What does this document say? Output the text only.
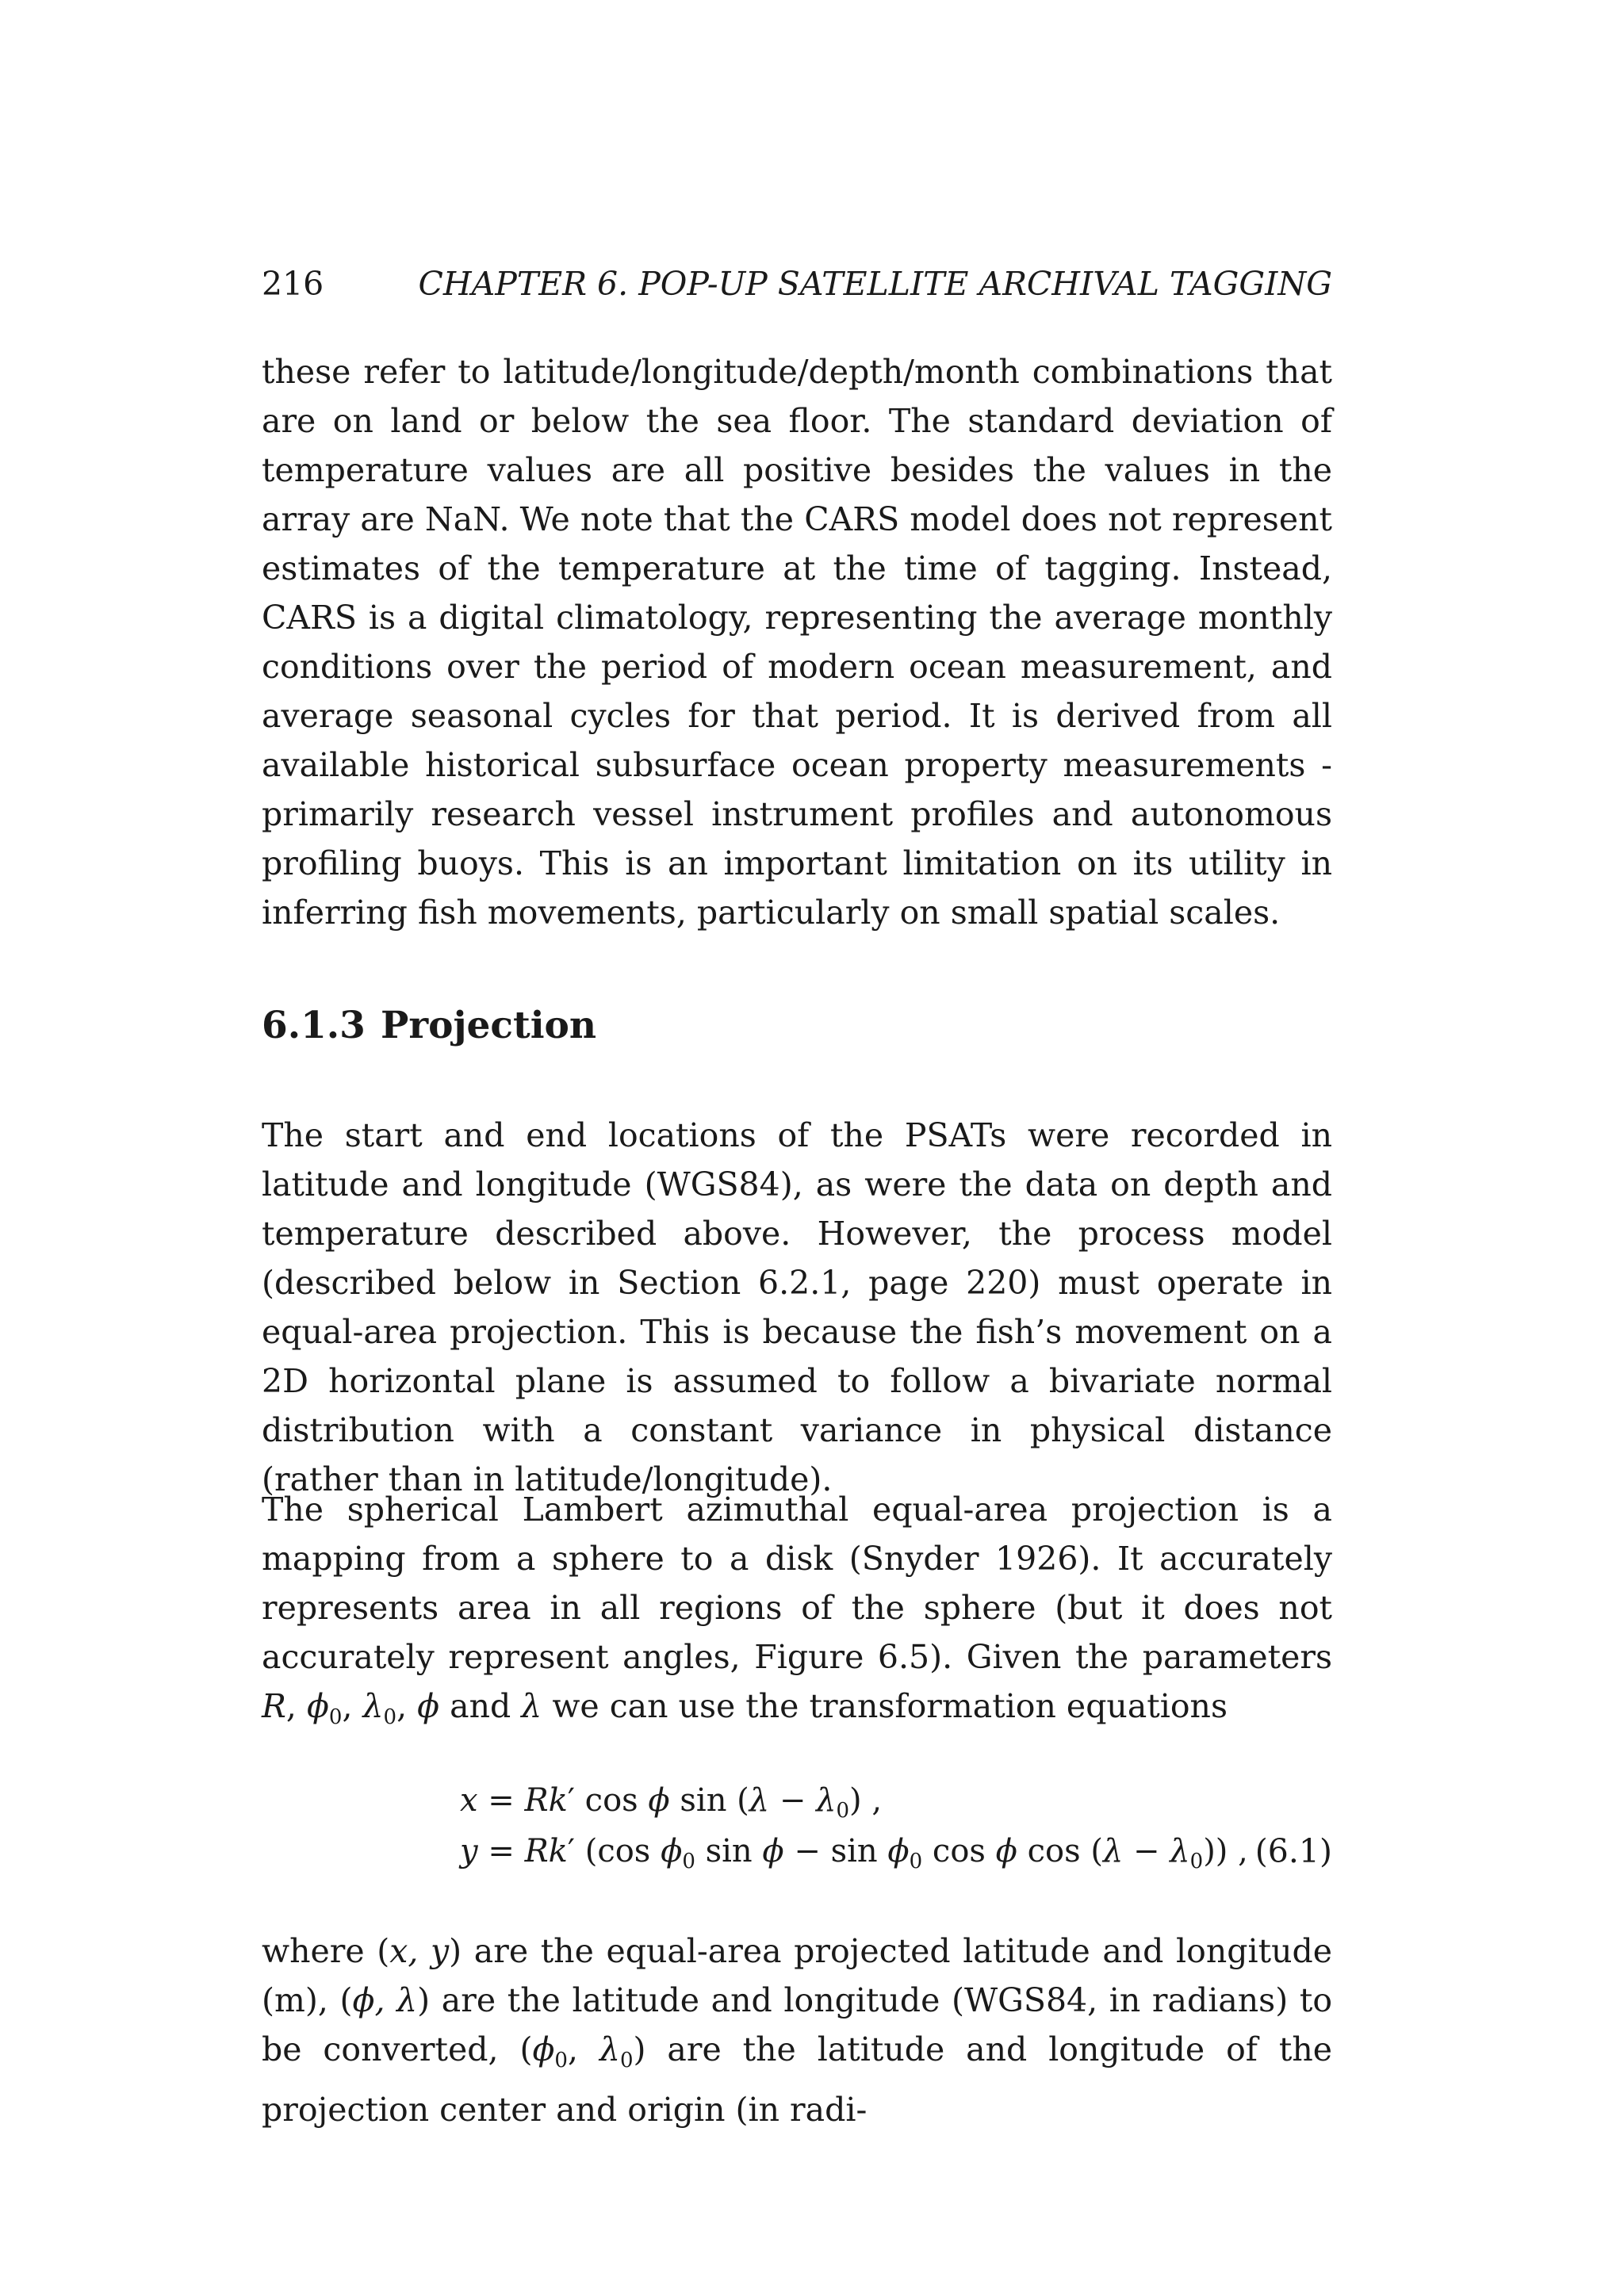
216	CHAPTER 6. POP-UP SATELLITE ARCHIVAL TAGGING

these refer to latitude/longitude/depth/month combinations that are on land or below the sea floor. The standard deviation of temperature values are all positive besides the values in the array are NaN. We note that the CARS model does not represent estimates of the temperature at the time of tagging. Instead, CARS is a digital climatology, representing the average monthly conditions over the period of modern ocean measurement, and average seasonal cycles for that period. It is derived from all available historical subsurface ocean property measurements - primarily research vessel instrument profiles and autonomous profiling buoys. This is an important limitation on its utility in inferring fish movements, particularly on small spatial scales.

6.1.3 Projection

The start and end locations of the PSATs were recorded in latitude and longitude (WGS84), as were the data on depth and temperature described above. However, the process model (described below in Section 6.2.1, page 220) must operate in equal-area projection. This is because the fish’s movement on a 2D horizontal plane is assumed to follow a bivariate normal distribution with a constant variance in physical distance (rather than in latitude/longitude).

The spherical Lambert azimuthal equal-area projection is a mapping from a sphere to a disk (Snyder 1926). It accurately represents area in all regions of the sphere (but it does not accurately represent angles, Figure 6.5). Given the parameters R, $\phi_0$, $\lambda_0$, ϕ and λ we can use the transformation equations

x = Rk′ cos ϕ $\sin (\lambda - \lambda_0)$ ,
y = Rk′ (cos $\phi_0$ $\sin \phi - \sin \phi_0$ cos ϕ $\cos (\lambda - \lambda_0)$) , (6.1)

where (x, y) are the equal-area projected latitude and longitude (m), (ϕ, λ) are the latitude and longitude (WGS84, in radians) to be converted, ($\phi_0$, $\lambda_0$) are the latitude and longitude of the projection center and origin (in radi-
